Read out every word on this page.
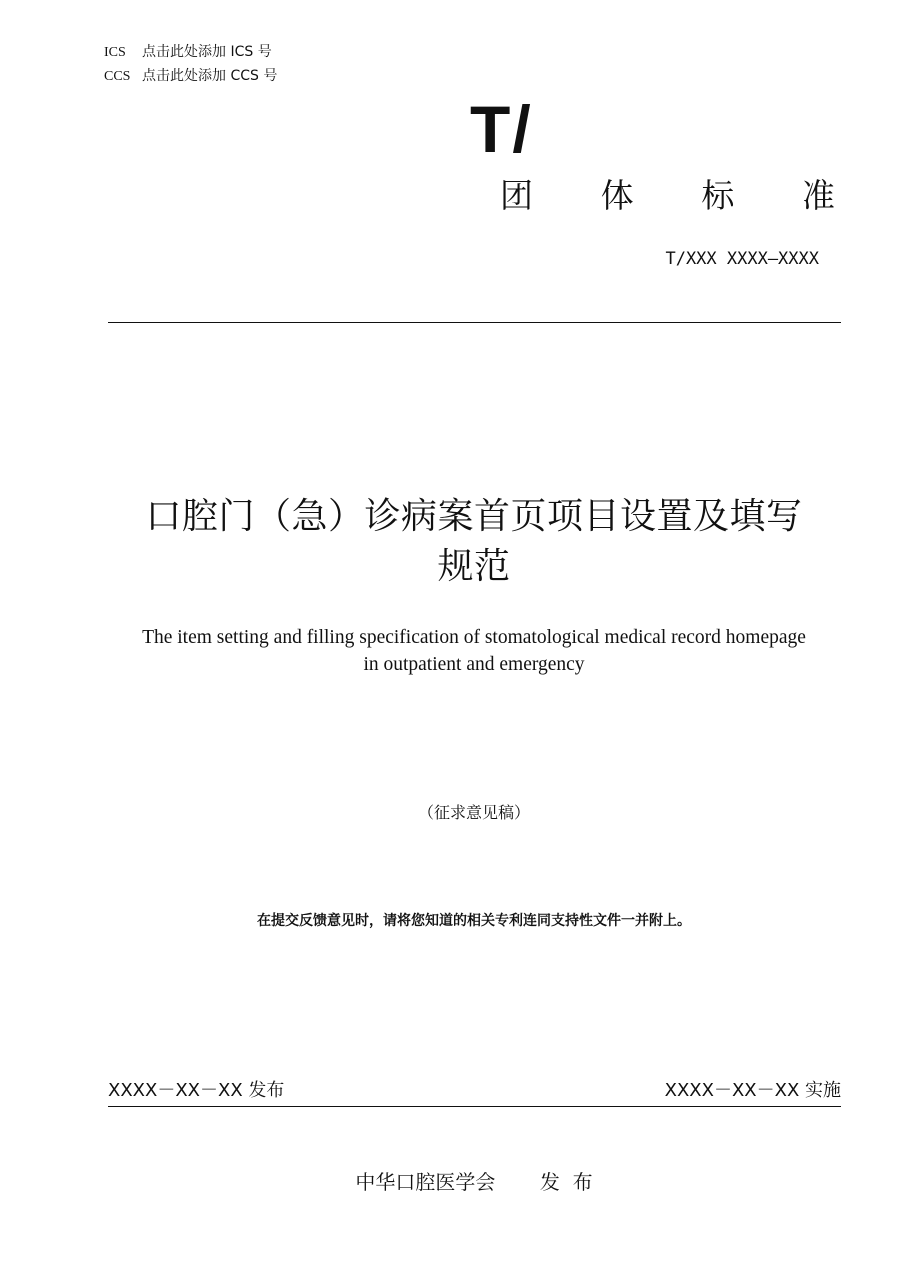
ICS 点击此处添加 ICS 号
CCS 点击此处添加 CCS 号
T/
团 体 标 准
T/XXX XXXX—XXXX
口腔门（急）诊病案首页项目设置及填写
规范
The item setting and filling specification of stomatological medical record homepage
in outpatient and emergency
（征求意见稿）
在提交反馈意见时，请将您知道的相关专利连同支持性文件一并附上。
XXXX－XX－XX 发布	XXXX－XX－XX 实施
中华口腔医学会 发  布
